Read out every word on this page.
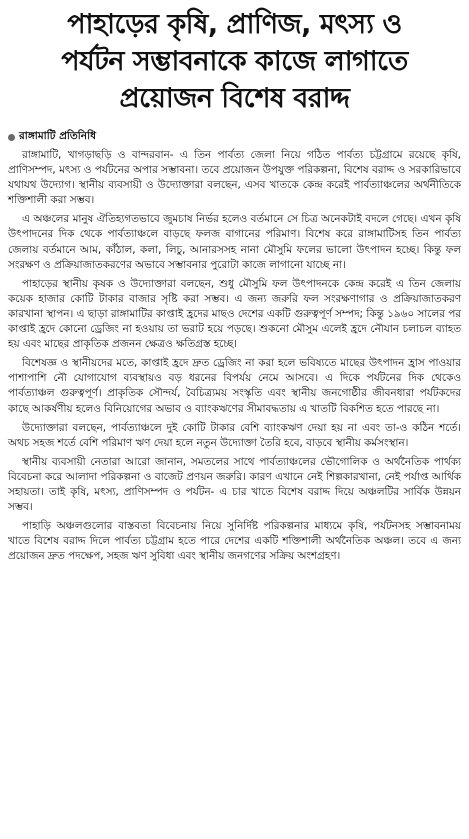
পাহাড়ের কৃষি, প্রাণিজ, মৎস্য ও
পর্যটন সম্ভাবনাকে কাজে লাগাতে
প্রয়োজন বিশেষ বরাদ্দ
রাঙ্গামাটি প্রতিনিধি

রাঙ্গামাটি, খাগড়াছড়ি ও বান্দরবান- এ তিন পার্বত্য জেলা নিয়ে গঠিত পার্বত্য চট্টগ্রামে রয়েছে কৃষি, প্রাণিসম্পদ, মৎস্য ও পর্যটনের অপার সম্ভাবনা। তবে প্রয়োজন উপযুক্ত পরিকল্পনা, বিশেষ বরাদ্দ ও সরকারিভাবে যথাযথ উদ্যোগ। স্থানীয় ব্যবসায়ী ও উদ্যোক্তারা বলছেন, এসব খাতকে কেন্দ্র করেই পার্বত্যাঞ্চলের অর্থনীতিকে শক্তিশালী করা সম্ভব।

এ অঞ্চলের মানুষ ঐতিহ্যগতভাবে জুমচাষ নির্ভর হলেও বর্তমানে সে চিত্র অনেকটাই বদলে গেছে। এখন কৃষি উৎপাদনের দিক থেকে পার্বত্যাঞ্চলে বাড়ছে ফলজ বাগানের পরিমাণ। বিশেষ করে রাঙ্গামাটিসহ তিন পার্বত্য জেলায় বর্তমানে আম, কাঁঠাল, কলা, লিচু, আনারসসহ নানা মৌসুমি ফলের ভালো উৎপাদন হচ্ছে। কিন্তু ফল সংরক্ষণ ও প্রক্রিয়াজাতকরণের অভাবে সম্ভাবনার পুরোটা কাজে লাগানো যাচ্ছে না।

পাহাড়ের স্থানীয় কৃষক ও উদ্যোক্তারা বলছেন, শুধু মৌসুমি ফল উৎপাদনকে কেন্দ্র করেই এ তিন জেলায় কয়েক হাজার কোটি টাকার বাজার সৃষ্টি করা সম্ভব। এ জন্য জরুরি ফল সংরক্ষণাগার ও প্রক্রিয়াজাতকরণ কারখানা স্থাপন। এ ছাড়া রাঙ্গামাটির কাপ্তাই হ্রদের মাছও দেশের একটি গুরুত্বপূর্ণ সম্পদ; কিন্তু ১৯৬০ সালের পর কাপ্তাই হ্রদে কোনো ড্রেজিং না হওয়ায় তা ভরাট হয়ে পড়ছে। শুকনো মৌসুম এলেই হ্রদে নৌযান চলাচল ব্যাহত হয় এবং মাছের প্রাকৃতিক প্রজনন ক্ষেত্রও ক্ষতিগ্রস্ত হচ্ছে।

বিশেষজ্ঞ ও স্থানীয়দের মতে, কাপ্তাই হ্রদে দ্রুত ড্রেজিং না করা হলে ভবিষ্যতে মাছের উৎপাদন হ্রাস পাওয়ার পাশাপাশি নৌ যোগাযোগ ব্যবস্থায়ও বড় ধরনের বিপর্যয় নেমে আসবে। এ দিকে পর্যটনের দিক থেকেও পার্বত্যাঞ্চল গুরুত্বপূর্ণ। প্রাকৃতিক সৌন্দর্য, বৈচিত্র্যময় সংস্কৃতি এবং স্থানীয় জনগোষ্ঠীর জীবনধারা পর্যটকদের কাছে আকর্ষণীয় হলেও বিনিয়োগের অভাব ও ব্যাংকঋণের সীমাবদ্ধতায় এ খাতটি বিকশিত হতে পারছে না।

উদ্যোক্তারা বলছেন, পার্বত্যাঞ্চলে দুই কোটি টাকার বেশি ব্যাংকঋণ দেয়া হয় না এবং তা-ও কঠিন শর্তে। অথচ সহজ শর্তে বেশি পরিমাণ ঋণ দেয়া হলে নতুন উদ্যোক্তা তৈরি হবে, বাড়বে স্থানীয় কর্মসংস্থান।

স্থানীয় ব্যবসায়ী নেতারা আরো জানান, সমতলের সাথে পার্বত্যাঞ্চলের ভৌগোলিক ও অর্থনৈতিক পার্থক্য বিবেচনা করে আলাদা পরিকল্পনা ও বাজেট প্রণয়ন জরুরি। কারণ এখানে নেই শিল্পকারখানা, নেই পর্যাপ্ত আর্থিক সহায়তা। তাই কৃষি, মৎস্য, প্রাণিসম্পদ ও পর্যটন- এ চার খাতে বিশেষ বরাদ্দ দিয়ে অঞ্চলটির সার্বিক উন্নয়ন সম্ভব।

পাহাড়ি অঞ্চলগুলোর বাস্তবতা বিবেচনায় নিয়ে সুনির্দিষ্ট পরিকল্পনার মাধ্যমে কৃষি, পর্যটনসহ সম্ভাবনাময় খাতে বিশেষ বরাদ্দ দিলে পার্বত্য চট্টগ্রাম হতে পারে দেশের একটি শক্তিশালী অর্থনৈতিক অঞ্চল। তবে এ জন্য প্রয়োজন দ্রুত পদক্ষেপ, সহজ ঋণ সুবিধা এবং স্থানীয় জনগণের সক্রিয় অংশগ্রহণ।
